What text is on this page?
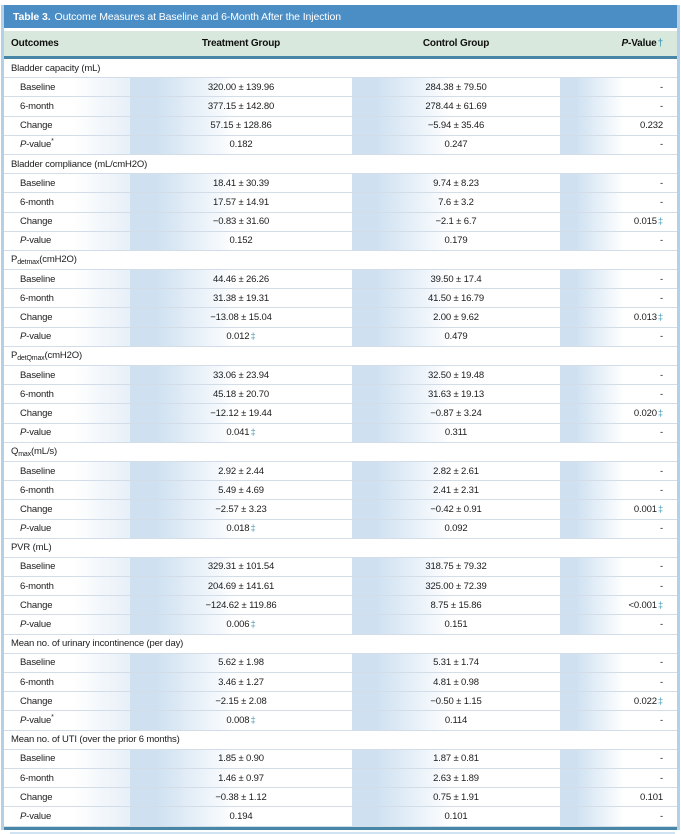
Table 3. Outcome Measures at Baseline and 6-Month After the Injection
Outcomes	Treatment Group	Control Group	P -Value †
Bladder capacity (mL)
Baseline	320.00 ± 139.96	284.38 ± 79.50	-
6-month	377.15 ± 142.80	278.44 ± 61.69	-
Change	57.15 ± 128.86	−5.94 ± 35.46	0.232
P -value *	0.182	0.247	-
Bladder compliance (mL/cmH2O)
Baseline	18.41 ± 30.39	9.74 ± 8.23	-
6-month	17.57 ± 14.91	7.6 ± 3.2	-
Change	−0.83 ± 31.60	−2.1 ± 6.7	0.015 ‡
P -value	0.152	0.179	-
P detmax (cmH2O)
Baseline	44.46 ± 26.26	39.50 ± 17.4	-
6-month	31.38 ± 19.31	41.50 ± 16.79	-
Change	−13.08 ± 15.04	2.00 ± 9.62	0.013 ‡
P -value	0.012 ‡	0.479	-
P detQmax (cmH2O)
Baseline	33.06 ± 23.94	32.50 ± 19.48	-
6-month	45.18 ± 20.70	31.63 ± 19.13	-
Change	−12.12 ± 19.44	−0.87 ± 3.24	0.020 ‡
P -value	0.041 ‡	0.311	-
Q max (mL/s)
Baseline	2.92 ± 2.44	2.82 ± 2.61	-
6-month	5.49 ± 4.69	2.41 ± 2.31	-
Change	−2.57 ± 3.23	−0.42 ± 0.91	0.001 ‡
P -value	0.018 ‡	0.092	-
PVR (mL)
Baseline	329.31 ± 101.54	318.75 ± 79.32	-
6-month	204.69 ± 141.61	325.00 ± 72.39	-
Change	−124.62 ± 119.86	8.75 ± 15.86	<0.001 ‡
P -value	0.006 ‡	0.151	-
Mean no. of urinary incontinence (per day)
Baseline	5.62 ± 1.98	5.31 ± 1.74	-
6-month	3.46 ± 1.27	4.81 ± 0.98	-
Change	−2.15 ± 2.08	−0.50 ± 1.15	0.022 ‡
P -value *	0.008 ‡	0.114	-
Mean no. of UTI (over the prior 6 months)
Baseline	1.85 ± 0.90	1.87 ± 0.81	-
6-month	1.46 ± 0.97	2.63 ± 1.89	-
Change	−0.38 ± 1.12	0.75 ± 1.91	0.101
P -value	0.194	0.101	-
